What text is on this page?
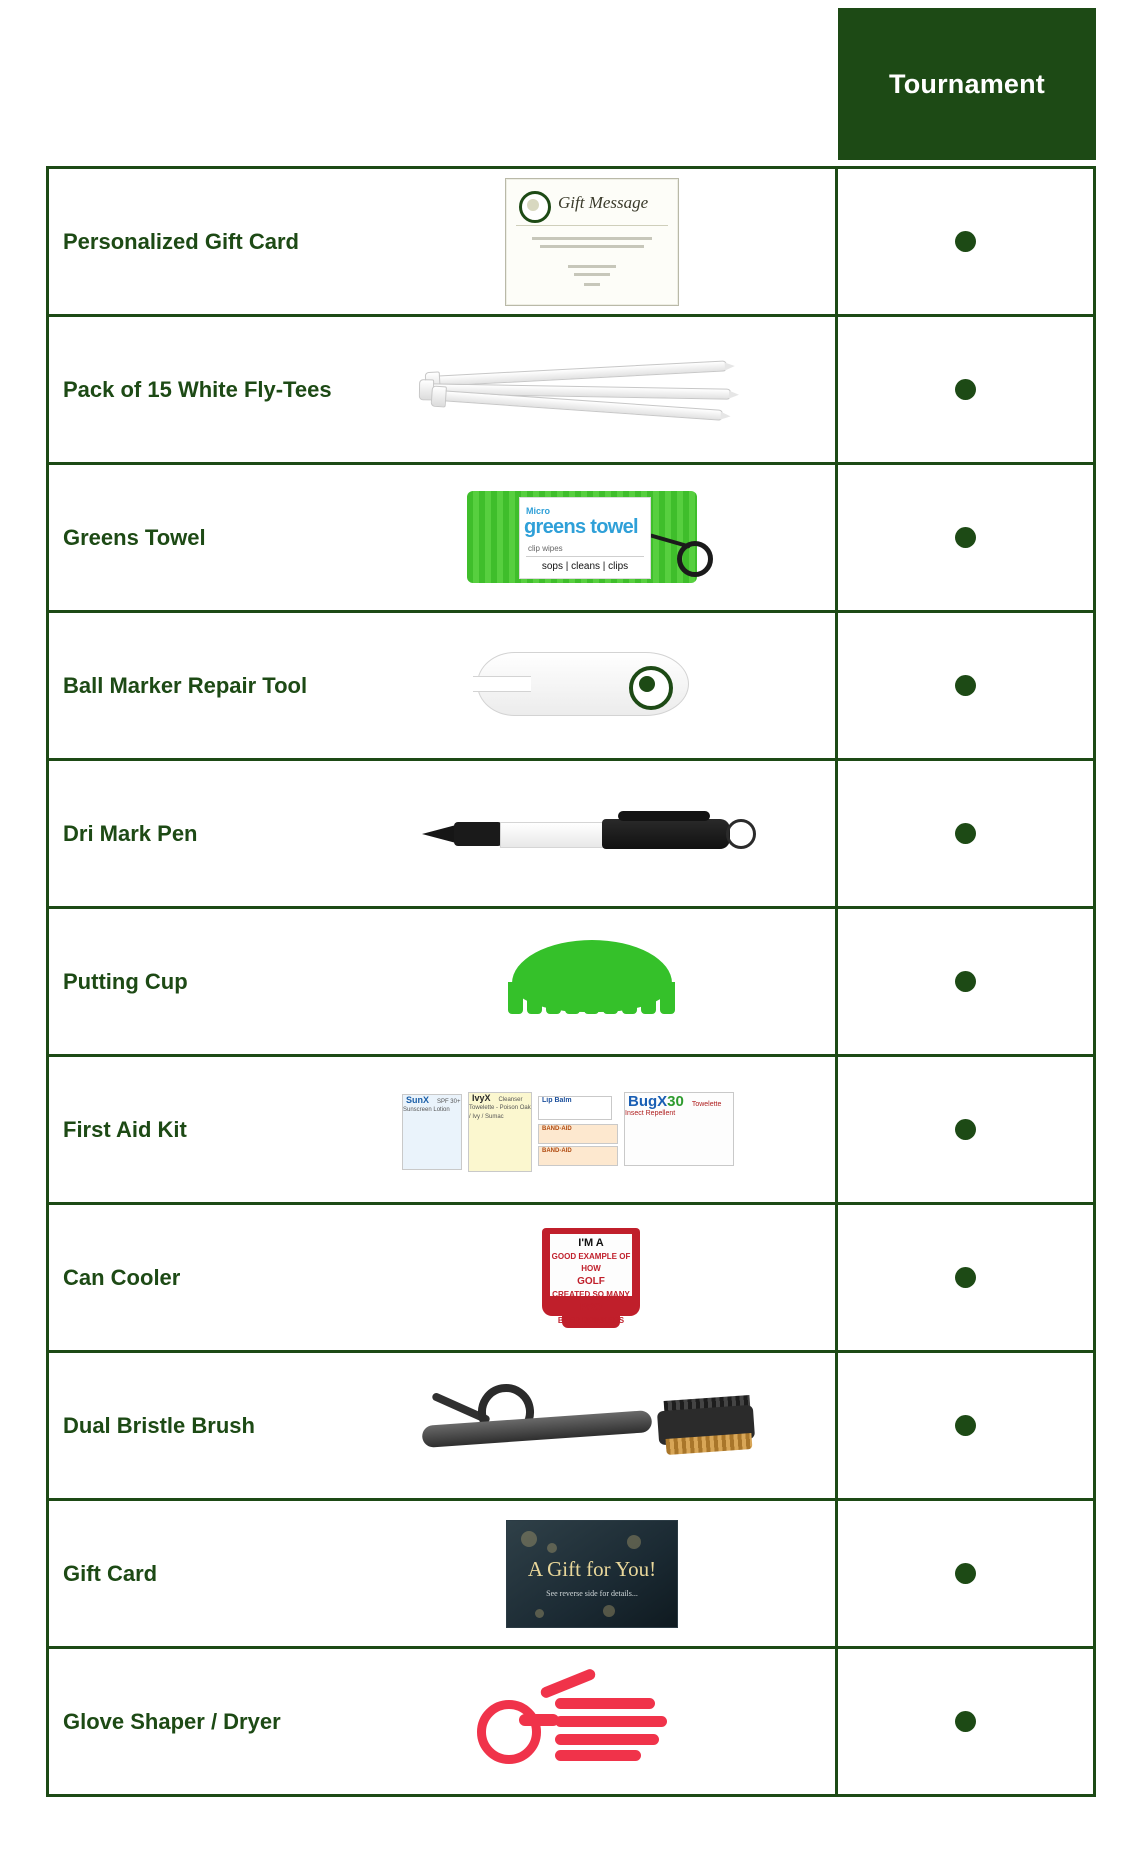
Tournament
Personalized Gift Card
Gift Message
Pack of 15 White Fly-Tees
Greens Towel
Micro
greens towel
clip wipes
sops | cleans | clips
Ball Marker Repair Tool
Dri Mark Pen
Putting Cup
First Aid Kit
SunX SPF 30+ Sunscreen Lotion
IvyX Cleanser Towelette - Poison Oak / Ivy / Sumac
Lip Balm
BAND-AID
BAND-AID
BugX30 Towelette Insect Repellent
Can Cooler
I'M A
GOOD EXAMPLE OF HOW
GOLF
CREATED SO MANY
PRO
BEER DRINKERS
Dual Bristle Brush
Gift Card	A Gift for You!
See reverse side for details...
Glove Shaper / Dryer
